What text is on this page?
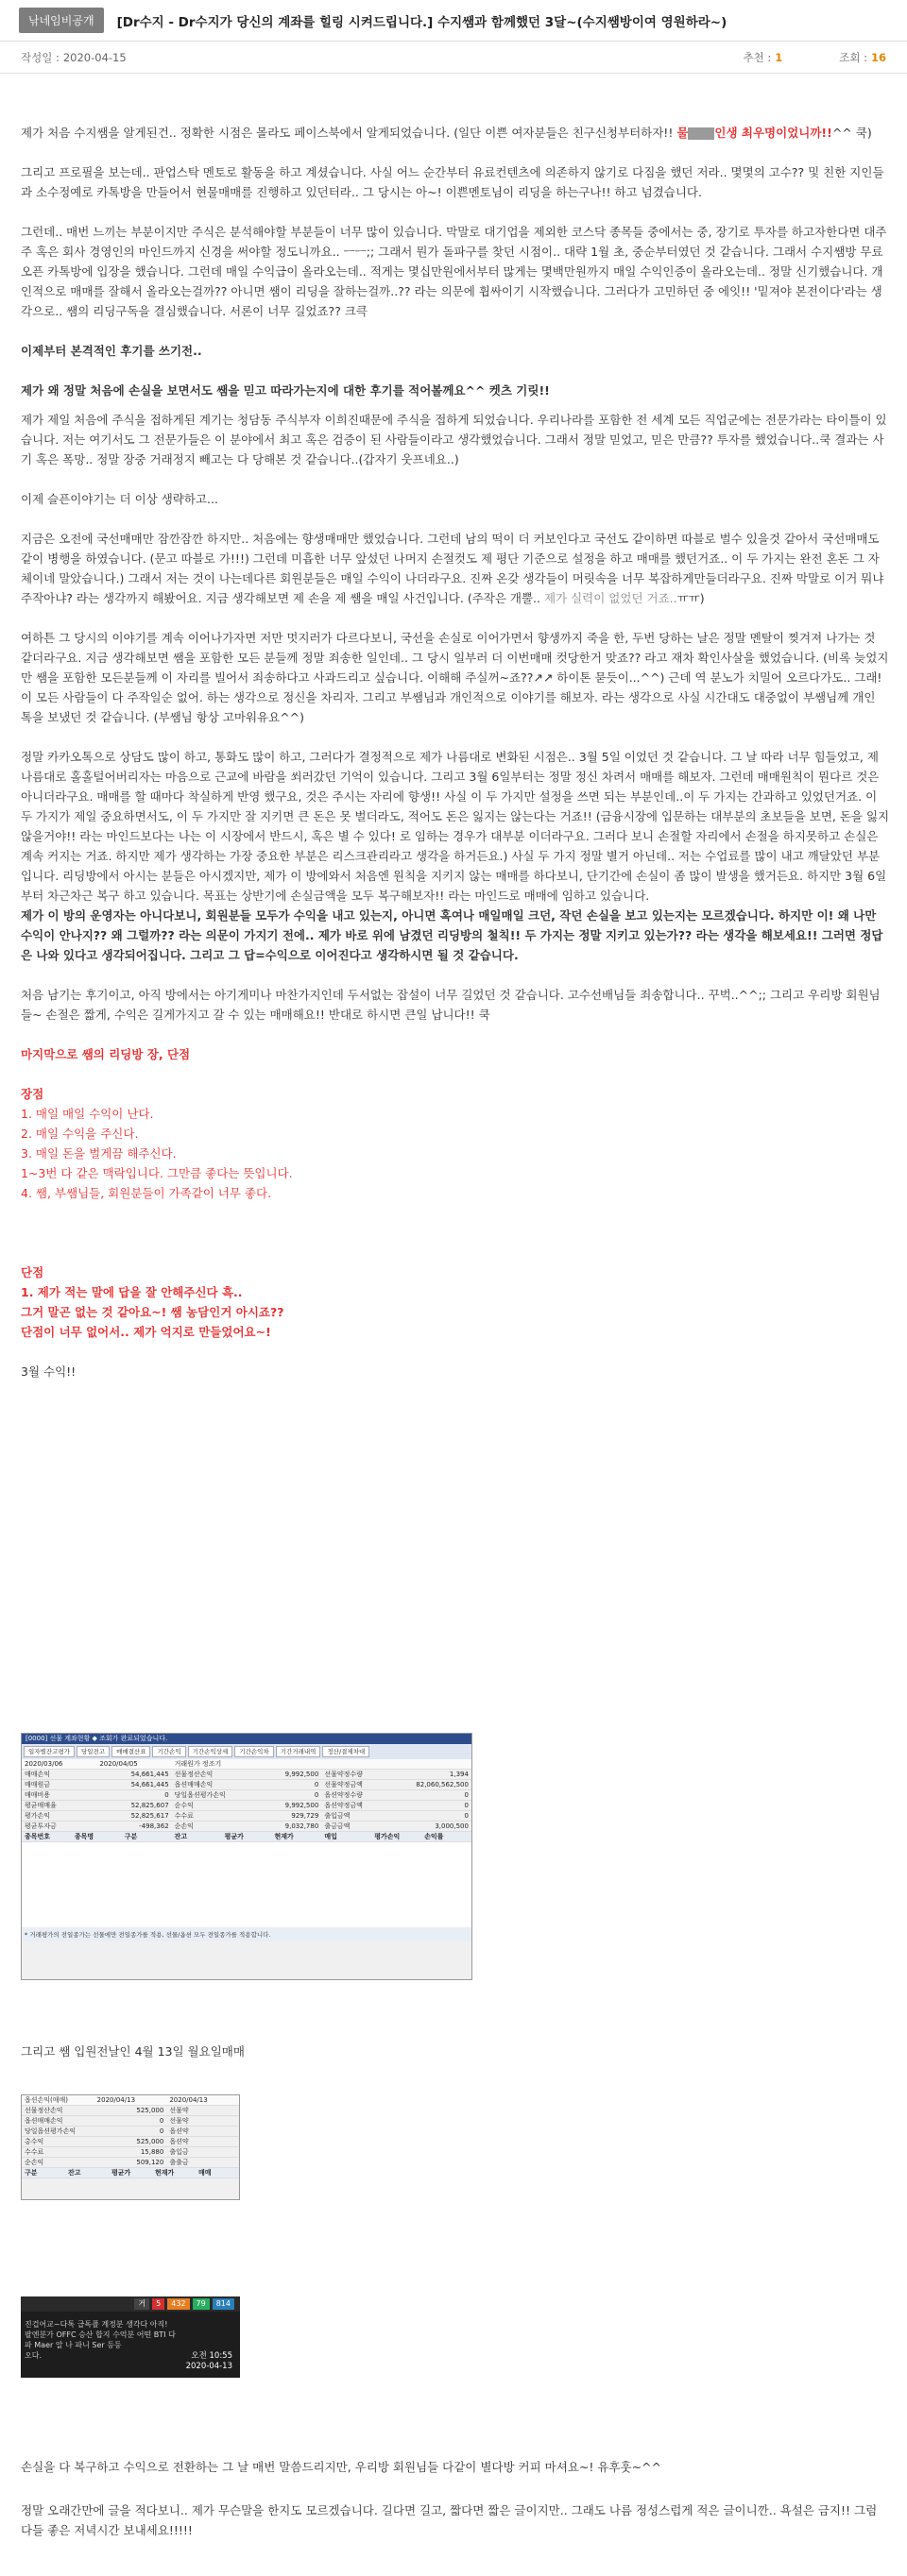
낚네임비공개	[Dr수지 - Dr수지가 당신의 계좌를 힐링 시켜드립니다.] 수지쌤과 함께했던 3달~(수지쌤방이여 영원하라~)
작성일 : 2020-04-15	추천 : 1	조회 : 16

제가 처음 수지쌤을 알게된건.. 정확한 시점은 몰라도 페이스북에서 알게되었습니다. (일단 이쁜 여자분들은 친구신청부터하자!! 물 인생 최우명이었니까!!^^ 쿡)

그리고 프로필을 보는데.. 판업스탁 멘토로 활동을 하고 계셨습니다. 사실 어느 순간부터 유료컨텐츠에 의존하지 않기로 다짐을 했던 저라.. 몇몇의 고수?? 및 친한 지인들과 소수정예로 카톡방을 만들어서 현물매매를 진행하고 있던터라.. 그 당시는 아~! 이쁜멘토님이 리딩을 하는구나!! 하고 넘겼습니다.

그런데.. 매번 느끼는 부분이지만 주식은 분석해야할 부분들이 너무 많이 있습니다. 막말로 대기업을 제외한 코스닥 종목들 중에서는 중, 장기로 투자를 하고자한다면 대주주 혹은 회사 경영인의 마인드까지 신경을 써야할 정도니까요.. ㅡㅡ;; 그래서 뭔가 돌파구를 찾던 시점이.. 대략 1월 초, 중순부터였던 것 같습니다. 그래서 수지쌤방 무료 오픈 카톡방에 입장을 했습니다. 그런데 매일 수익급이 올라오는데.. 적게는 몇십만원에서부터 많게는 몇백만원까지 매일 수익인증이 올라오는데.. 정말 신기했습니다. 개인적으로 매매를 잘해서 올라오는걸까?? 아니면 쌤이 리딩을 잘하는걸까..?? 라는 의문에 휩싸이기 시작했습니다. 그러다가 고민하던 중 에잇!! '밑져야 본전이다'라는 생각으로.. 쌤의 리딩구독을 결심했습니다. 서론이 너무 길었죠?? 크큭

이제부터 본격적인 후기를 쓰기전..

제가 왜 정말 처음에 손실을 보면서도 쌤을 믿고 따라가는지에 대한 후기를 적어볼께요^^ 켓츠 기릿!!

제가 제일 처음에 주식을 접하게된 계기는 청담동 주식부자 이희진때문에 주식을 접하게 되었습니다. 우리나라를 포함한 전 세계 모든 직업군에는 전문가라는 타이틀이 있습니다. 저는 여기서도 그 전문가들은 이 분야에서 최고 혹은 검증이 된 사람들이라고 생각했었습니다. 그래서 정말 믿었고, 믿은 만큼?? 투자를 했었습니다..쿡 결과는 사기 혹은 폭망.. 정말 장중 거래정지 빼고는 다 당해본 것 같습니다..(갑자기 웃프네요..)

이제 슬픈이야기는 더 이상 생략하고...

지금은 오전에 국선매매만 잠깐잠깐 하지만.. 처음에는 향생매매만 했었습니다. 그런데 남의 떡이 더 커보인다고 국선도 같이하면 따블로 벌수 있을것 같아서 국선매매도 같이 병행을 하였습니다. (문고 따블로 가!!!) 그런데 미흡한 너무 앞섰던 나머지 손절컷도 제 평단 기준으로 설정을 하고 매매를 했던거죠.. 이 두 가지는 완전 혼돈 그 자체이네 말았습니다.) 그래서 저는 것이 나는데다른 회원분들은 매일 수익이 나더라구요. 진짜 온갖 생각들이 머릿속을 너무 복잡하게만들더라구요. 진짜 막말로 이거 뭐냐 주작아냐? 라는 생각까지 해봤어요. 지금 생각해보면 제 손을 제 쌤을 매일 사건입니다. (주작은 개뿔.. 제가 실력이 없었던 거죠..ㅠㅠ)

여하튼 그 당시의 이야기를 계속 이어나가자면 저만 멋지러가 다르다보니, 국선을 손실로 이어가면서 향생까지 죽을 한, 두번 당하는 날은 정말 멘탈이 찢겨져 나가는 것 같더라구요. 지금 생각해보면 쌤을 포함한 모든 분들께 정말 죄송한 일인데.. 그 당시 일부러 더 이번매매 컷당한거 맞죠?? 라고 재차 확인사살을 했었습니다. (비록 늦었지만 쌤을 포함한 모든분들께 이 자리를 빌어서 죄송하다고 사과드리고 싶습니다. 이해해 주실꺼~죠??↗↗ 하이톤 묻듯이...^^) 근데 역 분노가 치밀어 오르다가도.. 그래! 이 모든 사람들이 다 주작일순 없어. 하는 생각으로 정신을 차리자. 그리고 부쌤님과 개인적으로 이야기를 해보자. 라는 생각으로 사실 시간대도 대중없이 부쌤님께 개인 톡을 보냈던 것 같습니다. (부쌤님 항상 고마워유요^^)

정말 카카오톡으로 상담도 많이 하고, 통화도 많이 하고, 그러다가 결정적으로 제가 나름대로 변화된 시점은.. 3월 5일 이었던 것 같습니다. 그 날 따라 너무 힘들었고, 제 나름대로 홀홀털어버리자는 마음으로 근교에 바람을 쐬러갔던 기억이 있습니다. 그리고 3월 6일부터는 정말 정신 차려서 매매를 해보자. 그런데 매매원칙이 뭔다르 것은 아니더라구요. 매매를 할 때마다 착실하게 반영 했구요, 것은 주시는 자리에 향생!! 사실 이 두 가지만 설정을 쓰면 되는 부분인데..이 두 가지는 간과하고 있었던거죠. 이 두 가지가 제일 중요하면서도, 이 두 가지만 잘 지키면 큰 돈은 못 벌더라도, 적어도 돈은 잃지는 않는다는 거죠!! (금융시장에 입문하는 대부분의 초보들을 보면, 돈을 잃지 않을거야!! 라는 마인드보다는 나는 이 시장에서 반드시, 혹은 별 수 있다! 로 임하는 경우가 대부분 이더라구요. 그러다 보니 손절할 자리에서 손절을 하지못하고 손실은 계속 커지는 거죠. 하지만 제가 생각하는 가장 중요한 부분은 리스크관리라고 생각을 하거든요.) 사실 두 가지 정말 별거 아닌데.. 저는 수업료를 많이 내고 깨달았던 부분입니다. 리딩방에서 아시는 분들은 아시겠지만, 제가 이 방에와서 처음엔 원칙을 지키지 않는 매매를 하다보니, 단기간에 손실이 좀 많이 발생을 했거든요. 하지만 3월 6일부터 차근차근 복구 하고 있습니다. 목표는 상반기에 손실금액을 모두 복구해보자!! 라는 마인드로 매매에 임하고 있습니다.

제가 이 방의 운영자는 아니다보니, 회원분들 모두가 수익을 내고 있는지, 아니면 혹여나 매일매일 크던, 작던 손실을 보고 있는지는 모르겠습니다. 하지만 이! 왜 나만 수익이 안나지?? 왜 그럴까?? 라는 의문이 가지기 전에.. 제가 바로 위에 남겼던 리딩방의 철칙!! 두 가지는 정말 지키고 있는가?? 라는 생각을 해보세요!! 그러면 정답은 나와 있다고 생각되어집니다. 그리고 그 답=수익으로 이어진다고 생각하시면 될 것 같습니다.

처음 남기는 후기이고, 아직 방에서는 아기게미나 마찬가지인데 두서없는 잡설이 너무 길었던 것 같습니다. 고수선배님들 죄송합니다.. 꾸벅..^^;; 그리고 우리방 회원님들~ 손절은 짧게, 수익은 길게가지고 갈 수 있는 매매해요!! 반대로 하시면 큰일 납니다!! 쿡

마지막으로 쌤의 리딩방 장, 단점

장점

1. 매일 매일 수익이 난다.

2. 매일 수익을 주신다.

3. 매일 돈을 벌게끔 해주신다.

1~3번 다 같은 맥락입니다. 그만큼 좋다는 뜻입니다.

4. 쌤, 부쌤님들, 회원분들이 가족같이 너무 좋다.

단점

1. 제가 적는 말에 답을 잘 안해주신다 흑..

그거 말곤 없는 것 같아요~! 쌤 농담인거 아시죠??

단점이 너무 없어서.. 제가 억지로 만들었어요~!

3월 수익!!

[0000] 선물 계좌현황 ◆ 조회가 완료되었습니다.
일자별잔고평가	당일전고	매매결산표	기간손익	기간손익상세	기간손익차	기간거래내역	정산/결제차대
2020/03/06	2020/04/05	거래원가 정조기
매매손익	54,661,445 선물정산손익	9,992,500 선물약정수량	1,394
매매원금	54,661,445 옵션매매손익	0 선물약정금액	82,060,562,500
매매비용	0 당일옵션평가손익	0 옵션약정수량	0
평균매매율	52,825,607 순수익	9,992,500 옵션약정금액	0
평가손익	52,825,617 수수료	929,729 출입금액	0
평균투자금	-498,362 순손익	9,032,780 출금금액	3,000,500
종목번호	종목명	구분	잔고	평균가	현재가	매입	평가손익	손익률
* 거래평가의 전일종가는 선물에만 전일종가를 적용, 선물/옵션 모두 전일종가를 적용합니다.

그리고 쌤 입원전날인 4월 13일 월요일매매

옵션손익(매매)	2020/04/13	2020/04/13
선물정산손익	525,000 선물약
옵션매매손익	0 선물약
당일옵션평가손익	0 옵션약
총수익	525,000 옵션약
수수료	15,880 출입금
순손익	509,120 출출금
구분	잔고	평균가	현재가	매매
거	5	432	79	814
진겁어교~다톡 급독플 계정분 생각다 아직!
팔엔분가 OFFC 승산 합지 수억분 어떤 BTI 다
파 Maer 알 나 파니 Ser 등등
오다.	오전 10:55
2020-04-13

손실을 다 복구하고 수익으로 전환하는 그 날 매번 말씀드리지만, 우리방 회원님들 다같이 별다방 커피 마셔요~! 유후훗~^^

정말 오래간만에 글을 적다보니.. 제가 무슨말을 한지도 모르겠습니다. 길다면 길고, 짧다면 짧은 글이지만.. 그래도 나름 정성스럽게 적은 글이니깐.. 욕설은 금지!! 그럼 다들 좋은 저녁시간 보내세요!!!!!
